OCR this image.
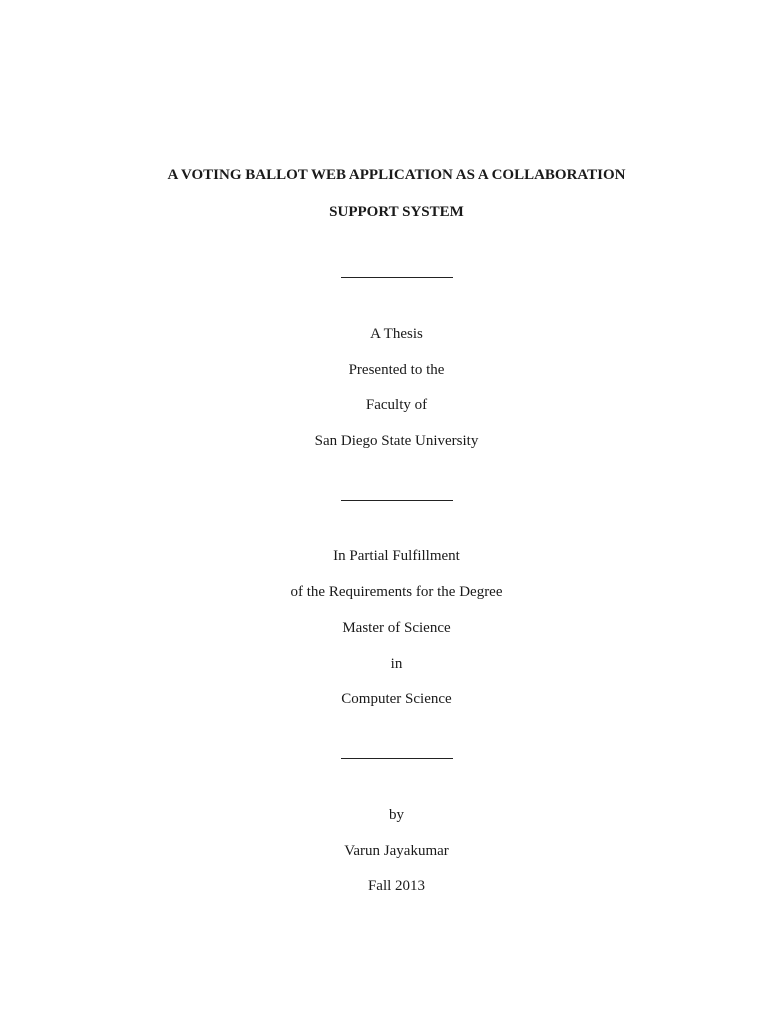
A VOTING BALLOT WEB APPLICATION AS A COLLABORATION
SUPPORT SYSTEM
A Thesis
Presented to the
Faculty of
San Diego State University
In Partial Fulfillment
of the Requirements for the Degree
Master of Science
in
Computer Science
by
Varun Jayakumar
Fall 2013
